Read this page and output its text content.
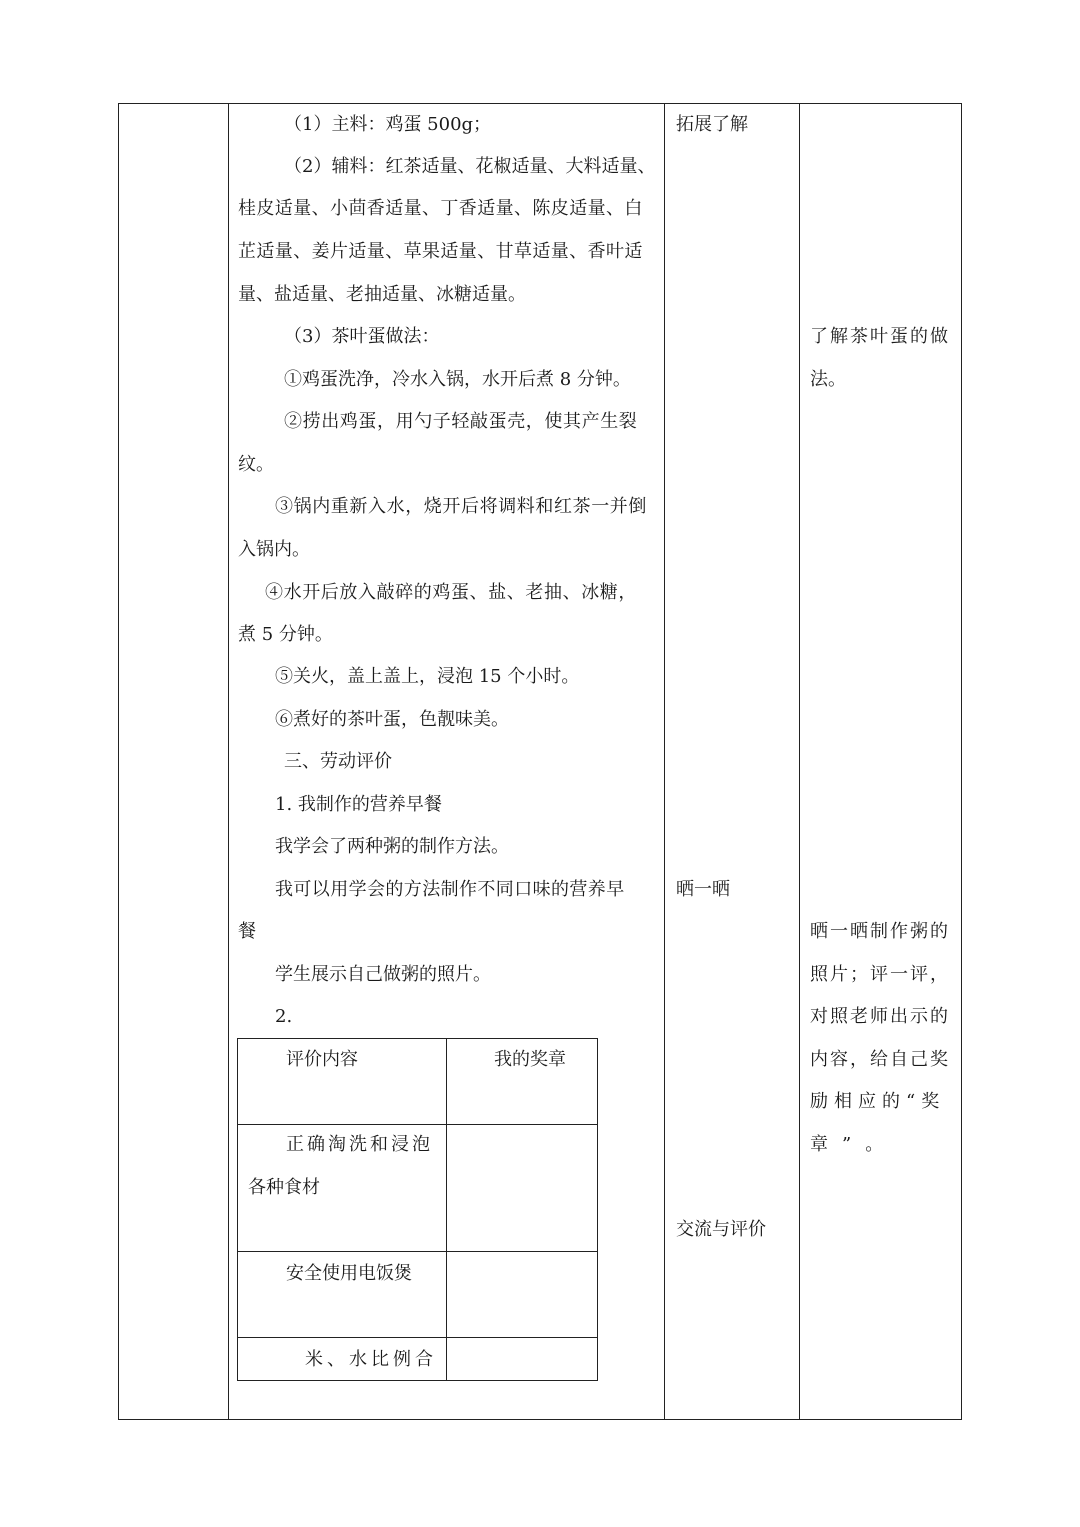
（1）主料：鸡蛋 500g；
（2）辅料：红茶适量、花椒适量、大料适量、
桂皮适量、小茴香适量、丁香适量、陈皮适量、白
芷适量、姜片适量、草果适量、甘草适量、香叶适
量、盐适量、老抽适量、冰糖适量。
（3）茶叶蛋做法：
①鸡蛋洗净，冷水入锅，水开后煮 8 分钟。
②捞出鸡蛋，用勺子轻敲蛋壳，使其产生裂
纹。
③锅内重新入水，烧开后将调料和红茶一并倒
入锅内。
④水开后放入敲碎的鸡蛋、盐、老抽、冰糖，
煮 5 分钟。
⑤关火，盖上盖上，浸泡 15 个小时。
⑥煮好的茶叶蛋，色靓味美。
三、劳动评价
1. 我制作的营养早餐
我学会了两种粥的制作方法。
我可以用学会的方法制作不同口味的营养早
餐
学生展示自己做粥的照片。
2.
评价内容	我的奖章
正确淘洗和浸泡
各种食材
安全使用电饭煲
米、水比例合
拓展了解
晒一晒
交流与评价
了解茶叶蛋的做
法。
晒一晒制作粥的
照片；评一评，
对照老师出示的
内容，给自己奖
励相应的“奖
章”。
